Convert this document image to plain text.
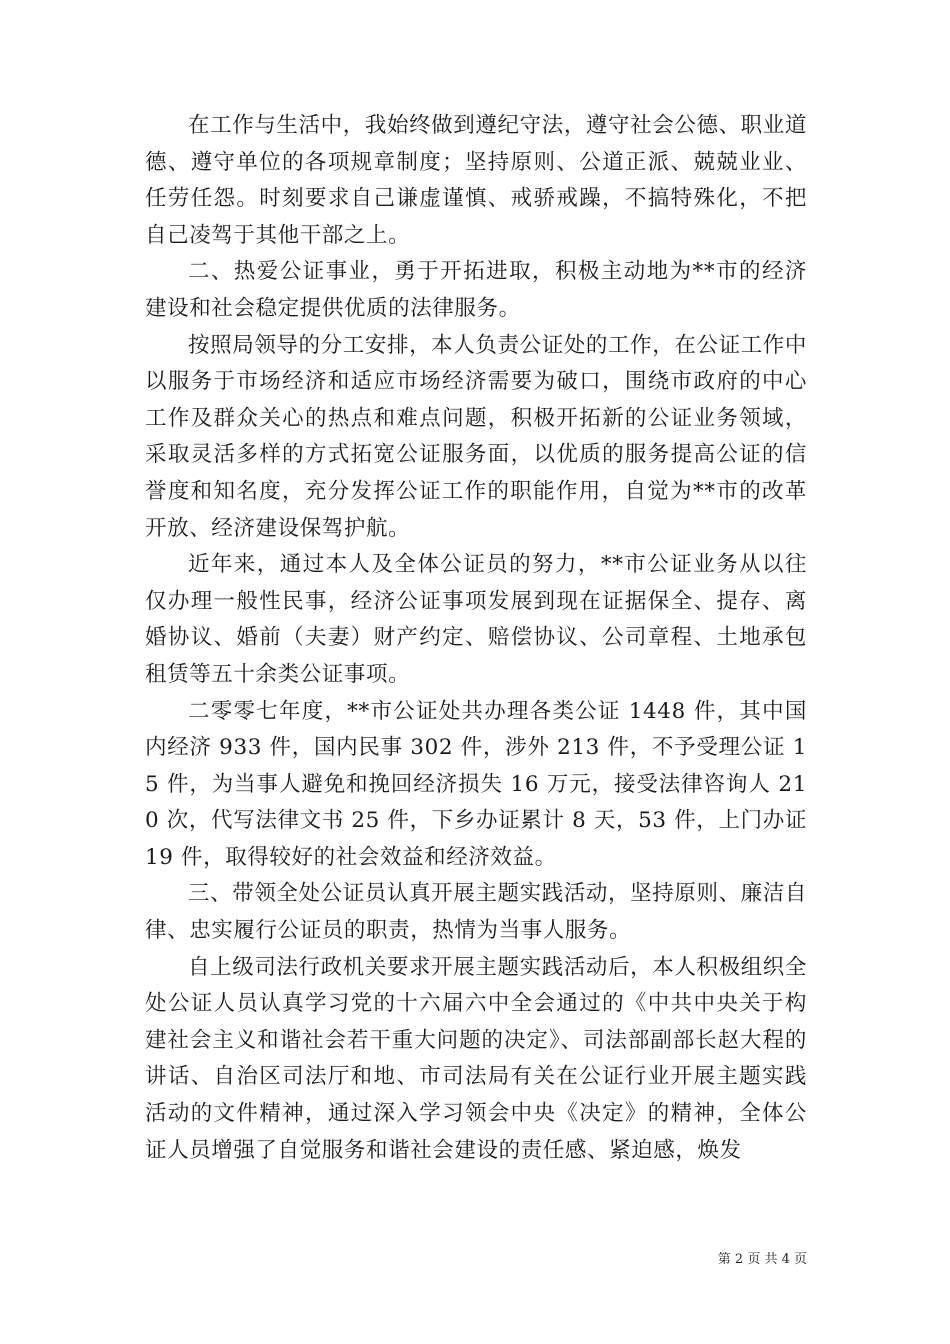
在工作与生活中，我始终做到遵纪守法，遵守社会公德、职业道德、遵守单位的各项规章制度；坚持原则、公道正派、兢兢业业、任劳任怨。时刻要求自己谦虚谨慎、戒骄戒躁，不搞特殊化，不把自己凌驾于其他干部之上。

二、热爱公证事业，勇于开拓进取，积极主动地为**市的经济建设和社会稳定提供优质的法律服务。

按照局领导的分工安排，本人负责公证处的工作，在公证工作中以服务于市场经济和适应市场经济需要为破口，围绕市政府的中心工作及群众关心的热点和难点问题，积极开拓新的公证业务领域，采取灵活多样的方式拓宽公证服务面，以优质的服务提高公证的信誉度和知名度，充分发挥公证工作的职能作用，自觉为**市的改革开放、经济建设保驾护航。

近年来，通过本人及全体公证员的努力，**市公证业务从以往仅办理一般性民事，经济公证事项发展到现在证据保全、提存、离婚协议、婚前（夫妻）财产约定、赔偿协议、公司章程、土地承包租赁等五十余类公证事项。

二零零七年度，**市公证处共办理各类公证 1448 件，其中国内经济 933 件，国内民事 302 件，涉外 213 件，不予受理公证 15 件，为当事人避免和挽回经济损失 16 万元，接受法律咨询人 210 次，代写法律文书 25 件，下乡办证累计 8 天，53 件，上门办证 19 件，取得较好的社会效益和经济效益。

三、带领全处公证员认真开展主题实践活动，坚持原则、廉洁自律、忠实履行公证员的职责，热情为当事人服务。

自上级司法行政机关要求开展主题实践活动后，本人积极组织全处公证人员认真学习党的十六届六中全会通过的《中共中央关于构建社会主义和谐社会若干重大问题的决定》、司法部副部长赵大程的讲话、自治区司法厅和地、市司法局有关在公证行业开展主题实践活动的文件精神，通过深入学习领会中央《决定》的精神，全体公证人员增强了自觉服务和谐社会建设的责任感、紧迫感，焕发

第 2 页 共 4 页
